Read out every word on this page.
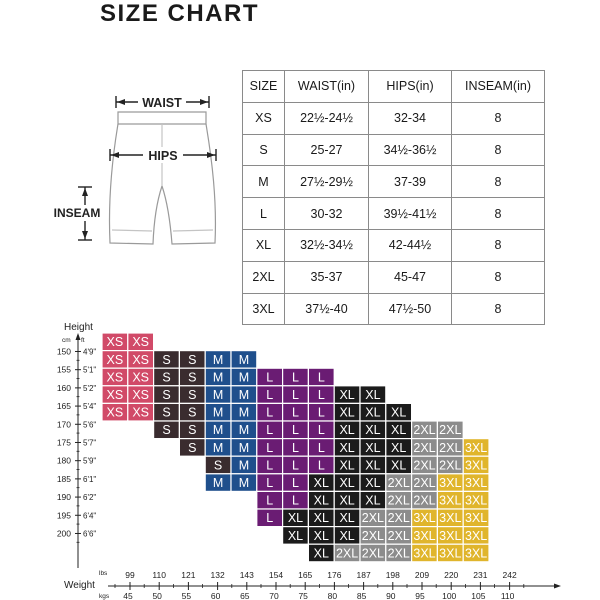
SIZE CHART
WAIST
HIPS
INSEAM
SIZE	WAIST(in)	HIPS(in)	INSEAM(in)
XS	22½-24½	32-34	8
S	25-27	34½-36½	8
M	27½-29½	37-39	8
L	30-32	39½-41½	8
XL	32½-34½	42-44½	8
2XL	35-37	45-47	8
3XL	37½-40	47½-50	8
Height
cm ft
150 4'9"
155 5'1"
160 5'2"
165 5'4"
170 5'6"
175 5'7"
180 5'9"
185 6'1"
190 6'2"
195 6'4"
200 6'6"
Weight
lbs
kgs
99
45
110
50
121
55
132
60
143
65
154
70
165
75
176
80
187
85
198
90
209
95
220
100
231
105
242
110
XS XS
XS XS S S M M
XS XS S S M M L L L
XS XS S S M M L L L XL XL
XS XS S S M M L L L XL XL XL
S S M M L L L XL XL XL 2XL 2XL
S M M L L L XL XL XL 2XL 2XL 3XL
S M L L L XL XL XL 2XL 2XL 3XL
M M L L XL XL XL 2XL 2XL 3XL 3XL
L L XL XL XL 2XL 2XL 3XL 3XL
L XL XL XL 2XL 2XL 3XL 3XL 3XL
XL XL XL 2XL 2XL 3XL 3XL 3XL
XL 2XL 2XL 2XL 3XL 3XL 3XL
